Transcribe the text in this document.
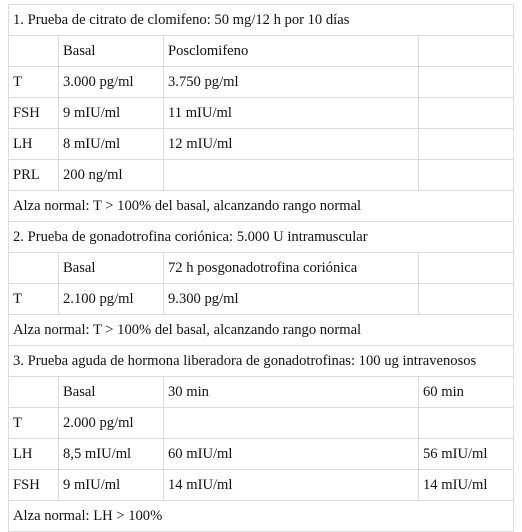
1. Prueba de citrato de clomifeno: 50 mg/12 h por 10 días			
	Basal	Posclomifeno	
T	3.000 pg/ml	3.750 pg/ml	
FSH	9 mIU/ml	11 mIU/ml	
LH	8 mIU/ml	12 mIU/ml	
PRL	200 ng/ml		
Alza normal: T > 100% del basal, alcanzando rango normal			
2. Prueba de gonadotrofina coriónica: 5.000 U intramuscular			
	Basal	72 h posgonadotrofina coriónica	
T	2.100 pg/ml	9.300 pg/ml	
Alza normal: T > 100% del basal, alcanzando rango normal			
3. Prueba aguda de hormona liberadora de gonadotrofinas: 100 ug intravenosos			
	Basal	30 min	60 min
T	2.000 pg/ml		
LH	8,5 mIU/ml	60 mIU/ml	56 mIU/ml
FSH	9 mIU/ml	14 mIU/ml	14 mIU/ml
Alza normal: LH > 100%			
